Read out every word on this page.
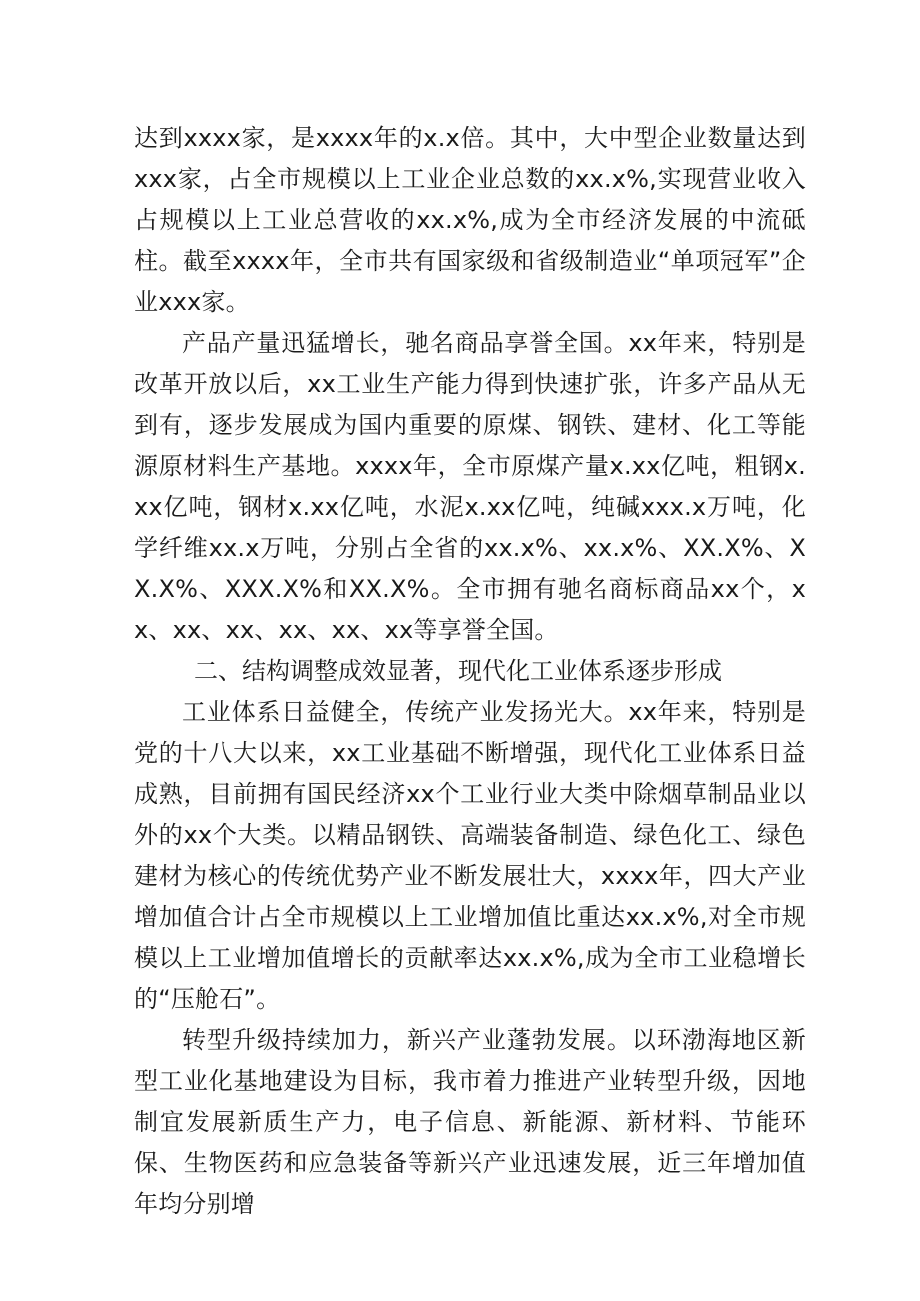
达到xxxx家，是xxxx年的x.x倍。其中，大中型企业数量达到xxx家，占全市规模以上工业企业总数的xx.x%,实现营业收入占规模以上工业总营收的xx.x%,成为全市经济发展的中流砥柱。截至xxxx年，全市共有国家级和省级制造业“单项冠军”企业xxx家。

产品产量迅猛增长，驰名商品享誉全国。xx年来，特别是改革开放以后，xx工业生产能力得到快速扩张，许多产品从无到有，逐步发展成为国内重要的原煤、钢铁、建材、化工等能源原材料生产基地。xxxx年，全市原煤产量x.xx亿吨，粗钢x.xx亿吨，钢材x.xx亿吨，水泥x.xx亿吨，纯碱xxx.x万吨，化学纤维xx.x万吨，分别占全省的xx.x%、xx.x%、XX.X%、XX.X%、XXX.X%和XX.X%。全市拥有驰名商标商品xx个，xx、xx、xx、xx、xx、xx等享誉全国。

二、结构调整成效显著，现代化工业体系逐步形成

工业体系日益健全，传统产业发扬光大。xx年来，特别是党的十八大以来，xx工业基础不断增强，现代化工业体系日益成熟，目前拥有国民经济xx个工业行业大类中除烟草制品业以外的xx个大类。以精品钢铁、高端装备制造、绿色化工、绿色建材为核心的传统优势产业不断发展壮大，xxxx年，四大产业增加值合计占全市规模以上工业增加值比重达xx.x%,对全市规模以上工业增加值增长的贡献率达xx.x%,成为全市工业稳增长的“压舱石”。

转型升级持续加力，新兴产业蓬勃发展。以环渤海地区新型工业化基地建设为目标，我市着力推进产业转型升级，因地制宜发展新质生产力，电子信息、新能源、新材料、节能环保、生物医药和应急装备等新兴产业迅速发展，近三年增加值年均分别增
